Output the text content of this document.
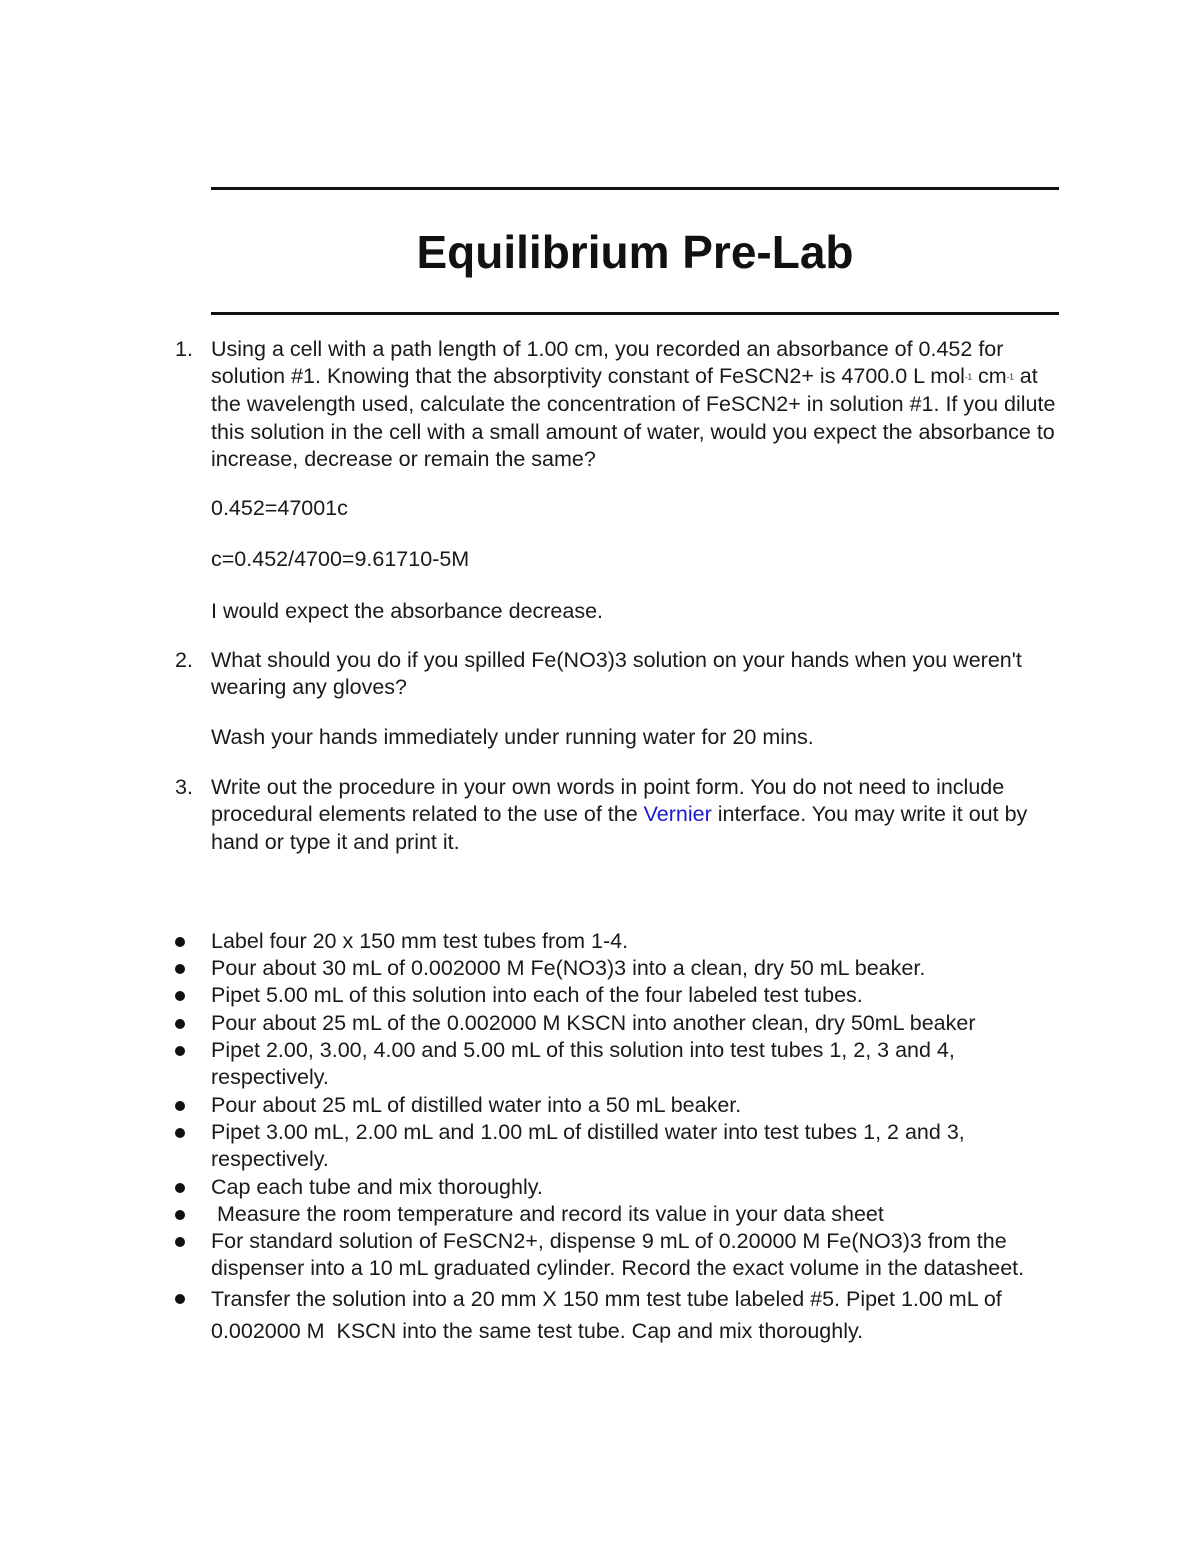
Equilibrium Pre-Lab
1. Using a cell with a path length of 1.00 cm, you recorded an absorbance of 0.452 for solution #1. Knowing that the absorptivity constant of FeSCN2+ is 4700.0 L mol-1 cm-1 at the wavelength used, calculate the concentration of FeSCN2+ in solution #1. If you dilute this solution in the cell with a small amount of water, would you expect the absorbance to increase, decrease or remain the same?

0.452=47001c

c=0.452/4700=9.61710-5M

I would expect the absorbance decrease.

2. What should you do if you spilled Fe(NO3)3 solution on your hands when you weren't wearing any gloves?

Wash your hands immediately under running water for 20 mins.

3. Write out the procedure in your own words in point form. You do not need to include procedural elements related to the use of the Vernier interface. You may write it out by hand or type it and print it.
Label four 20 x 150 mm test tubes from 1-4.
Pour about 30 mL of 0.002000 M Fe(NO3)3 into a clean, dry 50 mL beaker.
Pipet 5.00 mL of this solution into each of the four labeled test tubes.
Pour about 25 mL of the 0.002000 M KSCN into another clean, dry 50mL beaker
Pipet 2.00, 3.00, 4.00 and 5.00 mL of this solution into test tubes 1, 2, 3 and 4, respectively.
Pour about 25 mL of distilled water into a 50 mL beaker.
Pipet 3.00 mL, 2.00 mL and 1.00 mL of distilled water into test tubes 1, 2 and 3, respectively.
Cap each tube and mix thoroughly.
Measure the room temperature and record its value in your data sheet
For standard solution of FeSCN2+, dispense 9 mL of 0.20000 M Fe(NO3)3 from the dispenser into a 10 mL graduated cylinder. Record the exact volume in the datasheet.
Transfer the solution into a 20 mm X 150 mm test tube labeled #5. Pipet 1.00 mL of 0.002000 M  KSCN into the same test tube. Cap and mix thoroughly.
